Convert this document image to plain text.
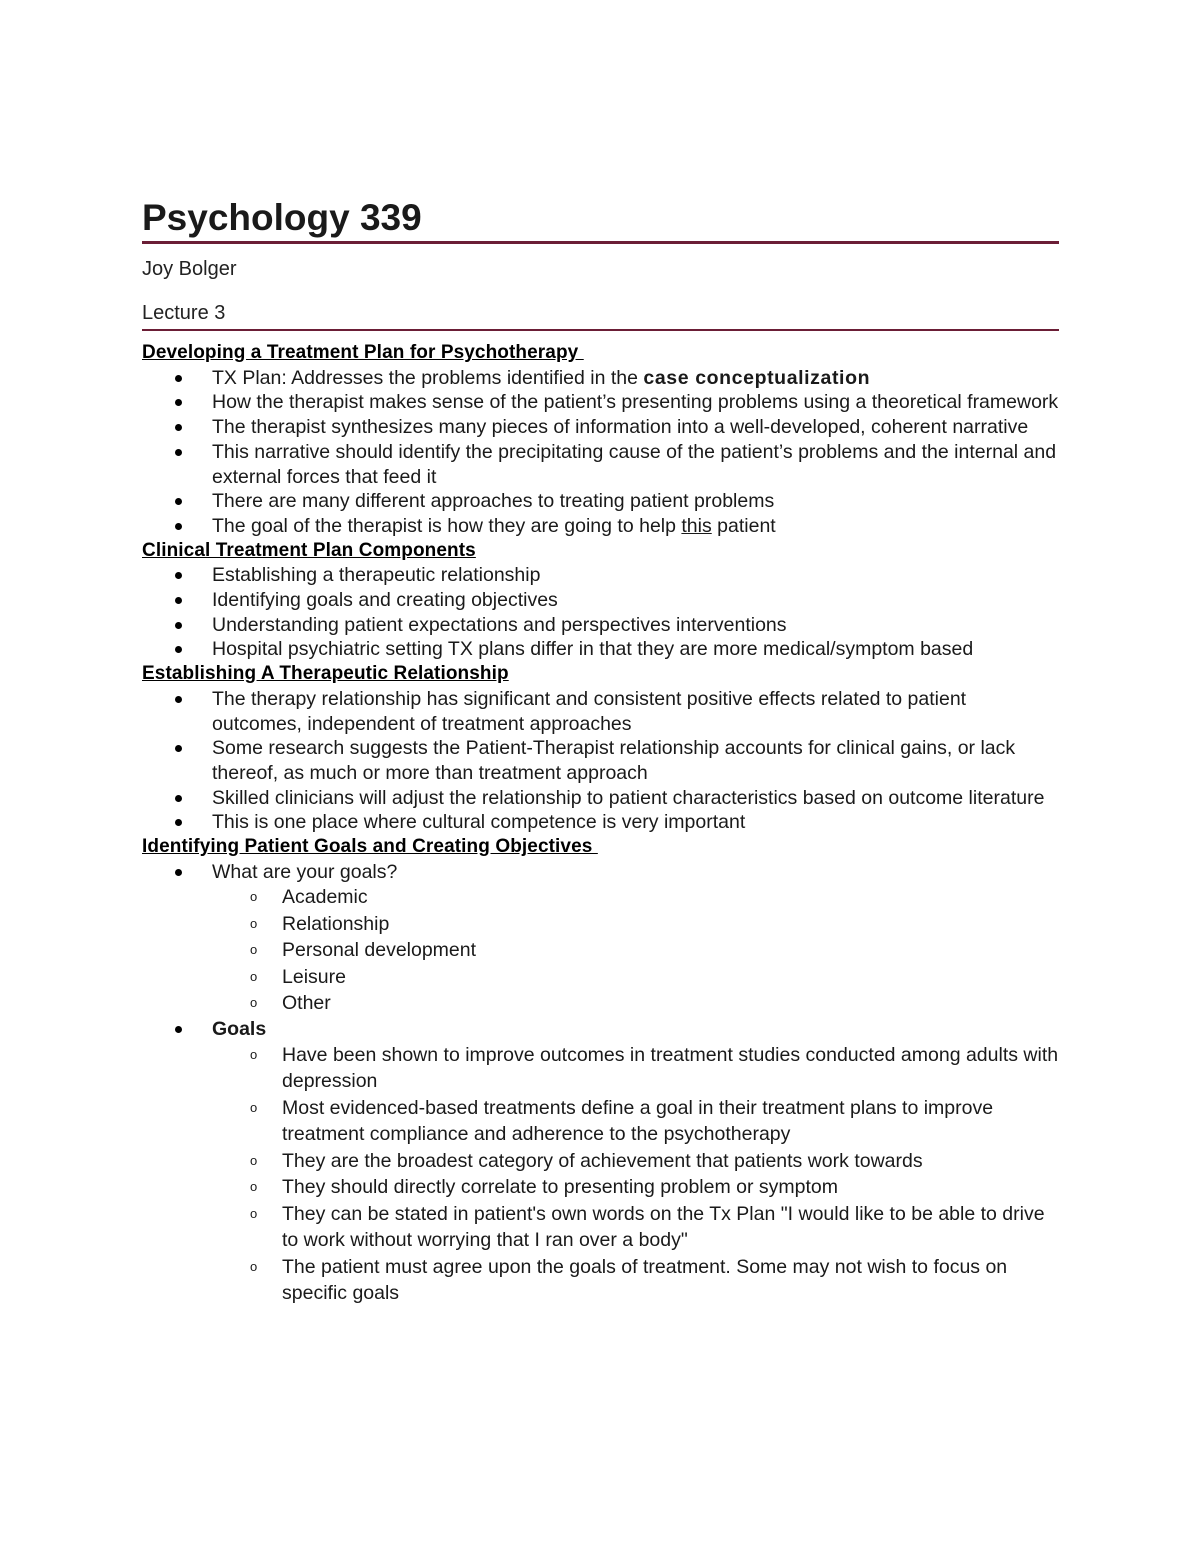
Psychology 339
Joy Bolger
Lecture 3
Developing a Treatment Plan for Psychotherapy
TX Plan: Addresses the problems identified in the case conceptualization
How the therapist makes sense of the patient’s presenting problems using a theoretical framework
The therapist synthesizes many pieces of information into a well-developed, coherent narrative
This narrative should identify the precipitating cause of the patient’s problems and the internal and external forces that feed it
There are many different approaches to treating patient problems
The goal of the therapist is how they are going to help this patient
Clinical Treatment Plan Components
Establishing a therapeutic relationship
Identifying goals and creating objectives
Understanding patient expectations and perspectives interventions
Hospital psychiatric setting TX plans differ in that they are more medical/symptom based
Establishing A Therapeutic Relationship
The therapy relationship has significant and consistent positive effects related to patient outcomes, independent of treatment approaches
Some research suggests the Patient-Therapist relationship accounts for clinical gains, or lack thereof, as much or more than treatment approach
Skilled clinicians will adjust the relationship to patient characteristics based on outcome literature
This is one place where cultural competence is very important
Identifying Patient Goals and Creating Objectives
What are your goals?
o Academic
o Relationship
o Personal development
o Leisure
o Other
Goals
o Have been shown to improve outcomes in treatment studies conducted among adults with depression
o Most evidenced-based treatments define a goal in their treatment plans to improve treatment compliance and adherence to the psychotherapy
o They are the broadest category of achievement that patients work towards
o They should directly correlate to presenting problem or symptom
o They can be stated in patient's own words on the Tx Plan "I would like to be able to drive to work without worrying that I ran over a body"
o The patient must agree upon the goals of treatment. Some may not wish to focus on specific goals
